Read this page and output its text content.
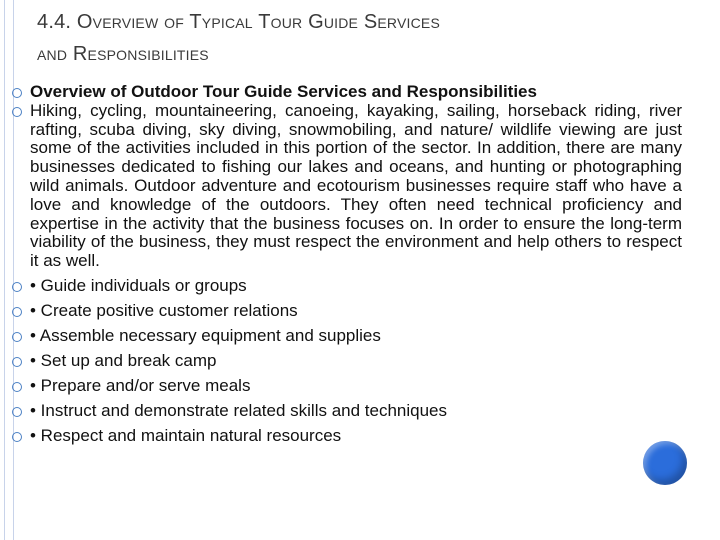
4.4. Overview of Typical Tour Guide Services
and Responsibilities
Overview of Outdoor Tour Guide Services and Responsibilities
Hiking, cycling, mountaineering, canoeing, kayaking, sailing, horseback riding, river rafting, scuba diving, sky diving, snowmobiling, and nature/ wildlife viewing are just some of the activities included in this portion of the sector. In addition, there are many businesses dedicated to fishing our lakes and oceans, and hunting or photographing wild animals. Outdoor adventure and ecotourism businesses require staff who have a love and knowledge of the outdoors. They often need technical proficiency and expertise in the activity that the business focuses on. In order to ensure the long-term viability of the business, they must respect the environment and help others to respect it as well.
• Guide individuals or groups
• Create positive customer relations
• Assemble necessary equipment and supplies
• Set up and break camp
• Prepare and/or serve meals
• Instruct and demonstrate related skills and techniques
• Respect and maintain natural resources
